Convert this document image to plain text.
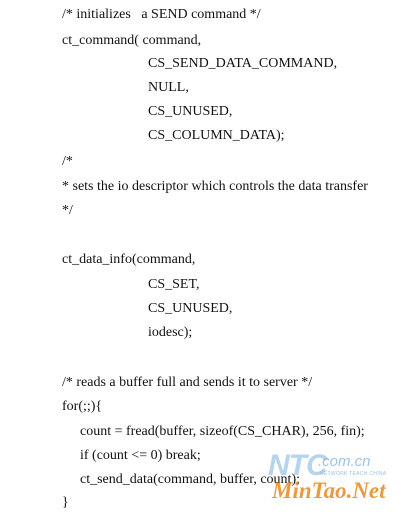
/* initializes   a SEND command */
ct_command( command,
CS_SEND_DATA_COMMAND,
NULL,
CS_UNUSED,
CS_COLUMN_DATA);
/*
* sets the io descriptor which controls the data transfer
*/
ct_data_info(command,
CS_SET,
CS_UNUSED,
iodesc);
/* reads a buffer full and sends it to server */
for(;;){
count = fread(buffer, sizeof(CS_CHAR), 256, fin);
if (count <= 0) break;
ct_send_data(command, buffer, count);
}
NTC
.com.cn
NETWORK TEACH CHINA
MinTao.Net
